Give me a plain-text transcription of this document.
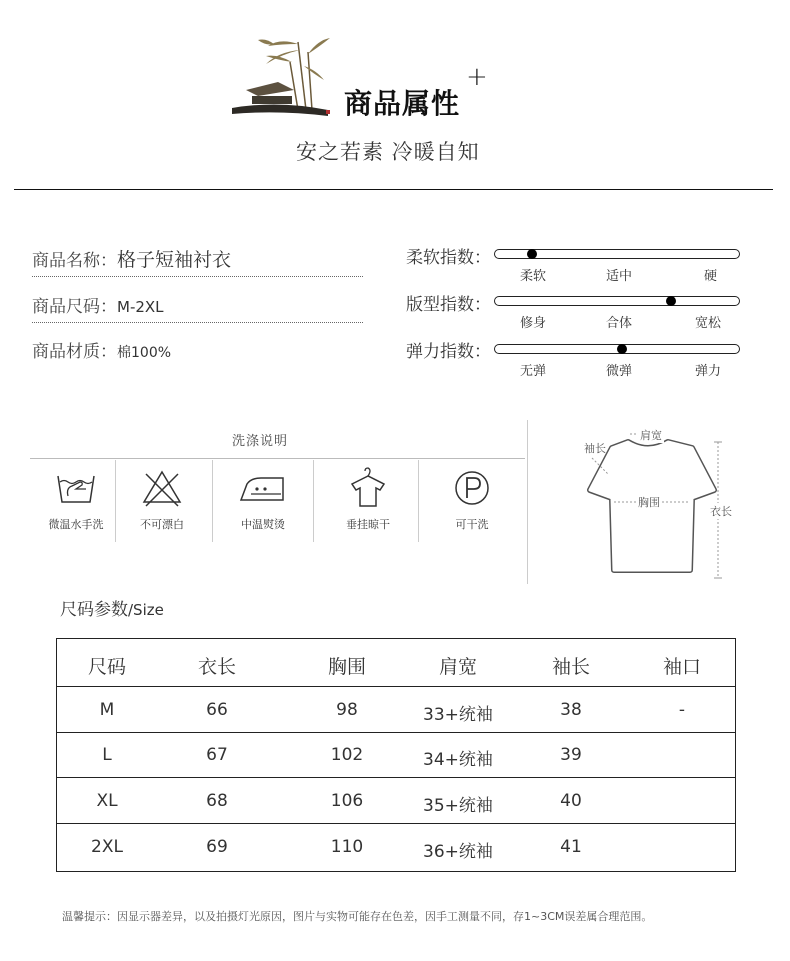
商品属性
+
安之若素 冷暖自知
商品名称：格子短袖衬衣
商品尺码：M-2XL
商品材质：棉100%
柔软指数：
柔软	适中	硬
版型指数：
修身	合体	宽松
弹力指数：
无弹	微弹	弹力
洗涤说明
微温水手洗	不可漂白	中温熨烫	垂挂晾干	可干洗
肩宽
袖长
胸围
衣长
尺码参数/Size
尺码	衣长	胸围	肩宽	袖长	袖口
M	66	98	33+统袖	38	-
L	67	102	34+统袖	39
XL	68	106	35+统袖	40
2XL	69	110	36+统袖	41
温馨提示：因显示器差异，以及拍摄灯光原因，图片与实物可能存在色差，因手工测量不同，存1~3CM误差属合理范围。
